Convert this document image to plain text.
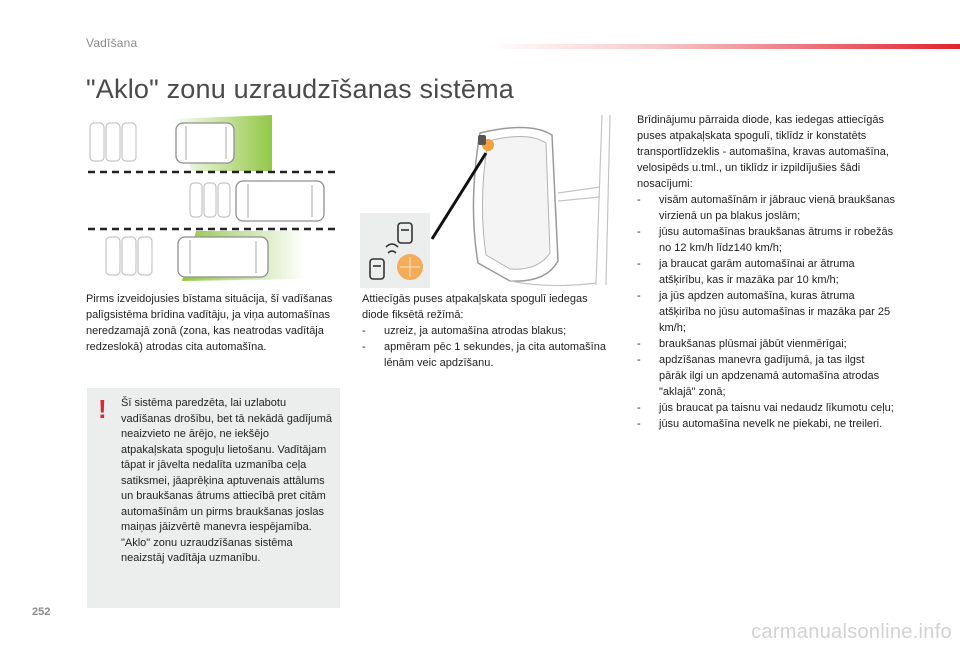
Vadīšana
"Aklo" zonu uzraudzīšanas sistēma

Pirms izveidojusies bīstama situācija, šī vadīšanas palīgsistēma brīdina vadītāju, ja viņa automašīnas neredzamajā zonā (zona, kas neatrodas vadītāja redzeslokā) atrodas cita automašīna.

! Šī sistēma paredzēta, lai uzlabotu vadīšanas drošību, bet tā nekādā gadījumā neaizvieto ne ārējo, ne iekšējo atpakaļskata spoguļu lietošanu. Vadītājam tāpat ir jāvelta nedalīta uzmanība ceļa satiksmei, jāaprēķina aptuvenais attālums un braukšanas ātrums attiecībā pret citām automašīnām un pirms braukšanas joslas maiņas jāizvērtē manevra iespējamība.

"Aklo" zonu uzraudzīšanas sistēma neaizstāj vadītāja uzmanību.

Attiecīgās puses atpakaļskata spogulī iedegas diode fiksētā režīmā:

- uzreiz, ja automašīna atrodas blakus;
- apmēram pēc 1 sekundes, ja cita automašīna lēnām veic apdzīšanu.

Brīdinājumu pārraida diode, kas iedegas attiecīgās puses atpakaļskata spogulī, tiklīdz ir konstatēts transportlīdzeklis - automašīna, kravas automašīna, velosipēds u.tml., un tiklīdz ir izpildījušies šādi nosacījumi:

- visām automašīnām ir jābrauc vienā braukšanas virzienā un pa blakus joslām;
- jūsu automašīnas braukšanas ātrums ir robežās no 12 km/h līdz140 km/h;
- ja braucat garām automašīnai ar ātruma atšķirību, kas ir mazāka par 10 km/h;
- ja jūs apdzen automašīna, kuras ātruma atšķirība no jūsu automašīnas ir mazāka par 25 km/h;
- braukšanas plūsmai jābūt vienmērīgai;
- apdzīšanas manevra gadījumā, ja tas ilgst pārāk ilgi un apdzenamā automašīna atrodas "aklajā" zonā;
- jūs braucat pa taisnu vai nedaudz līkumotu ceļu;
- jūsu automašīna nevelk ne piekabi, ne treileri.
252
carmanualsonline.info
